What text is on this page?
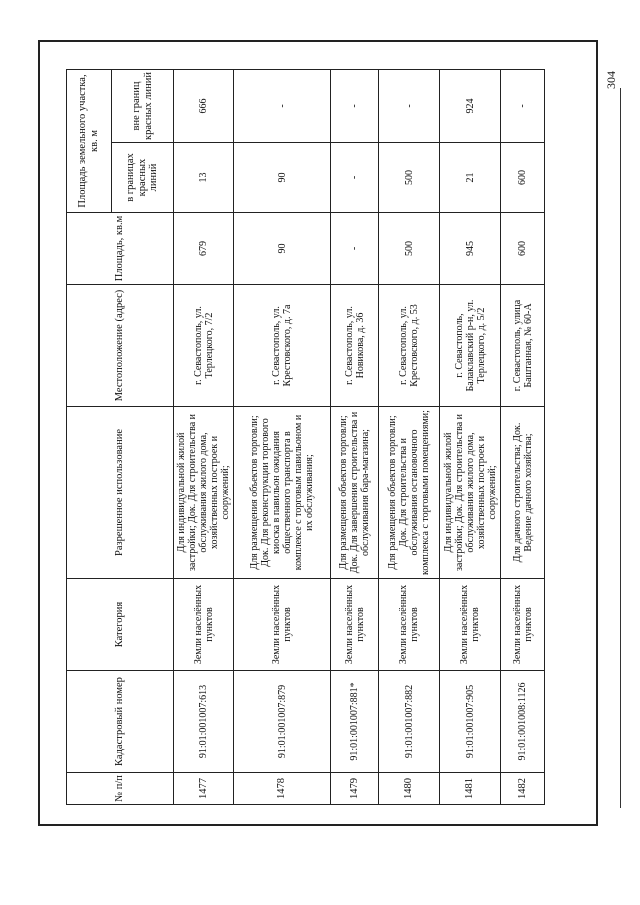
304
№ п/п	Кадастровый номер	Категория	Разрешенное использование	Местоположение (адрес)	Площадь, кв.м	Площадь земельного участка, кв. м	
						в границах красных линий	вне границ красных линий
1477	91:01:001007:613	Земли населённых пунктов	Для индивидуальной жилой застройки; Док. Для строительства и обслуживания жилого дома, хозяйственных построек и сооружений;	г. Севастополь, ул. Терлецкого, 7/2	679	13	666
1478	91:01:001007:879	Земли населённых пунктов	Для размещения объектов торговли; Док. Для реконструкции торгового киоска в павильон ожидания общественного транспорта в комплексе с торговым павильоном и их обслуживания;	г. Севастополь, ул. Крестовского, д. 7а	90	90	-
1479	91:01:001007:881*	Земли населённых пунктов	Для размещения объектов торговли; Док. Для завершения строительства и обслуживания бара-магазина;	г. Севастополь, ул. Новикова, д. 36	-	-	-
1480	91:01:001007:882	Земли населённых пунктов	Для размещения объектов торговли; Док. Для строительства и обслуживания остановочного комплекса с торговыми помещениями;	г. Севастополь, ул. Крестовского, д. 53	500	500	-
1481	91:01:001007:905	Земли населённых пунктов	Для индивидуальной жилой застройки; Док. Для строительства и обслуживания жилого дома, хозяйственных построек и сооружений;	г. Севастополь, Балаклавский р-н, ул. Терлецкого, д. 5/2	945	21	924
1482	91:01:001008:1126	Земли населённых пунктов	Для дачного строительства; Док. Ведение дачного хозяйства;	г. Севастополь, улица Баштанная, № 60-А	600	600	-
